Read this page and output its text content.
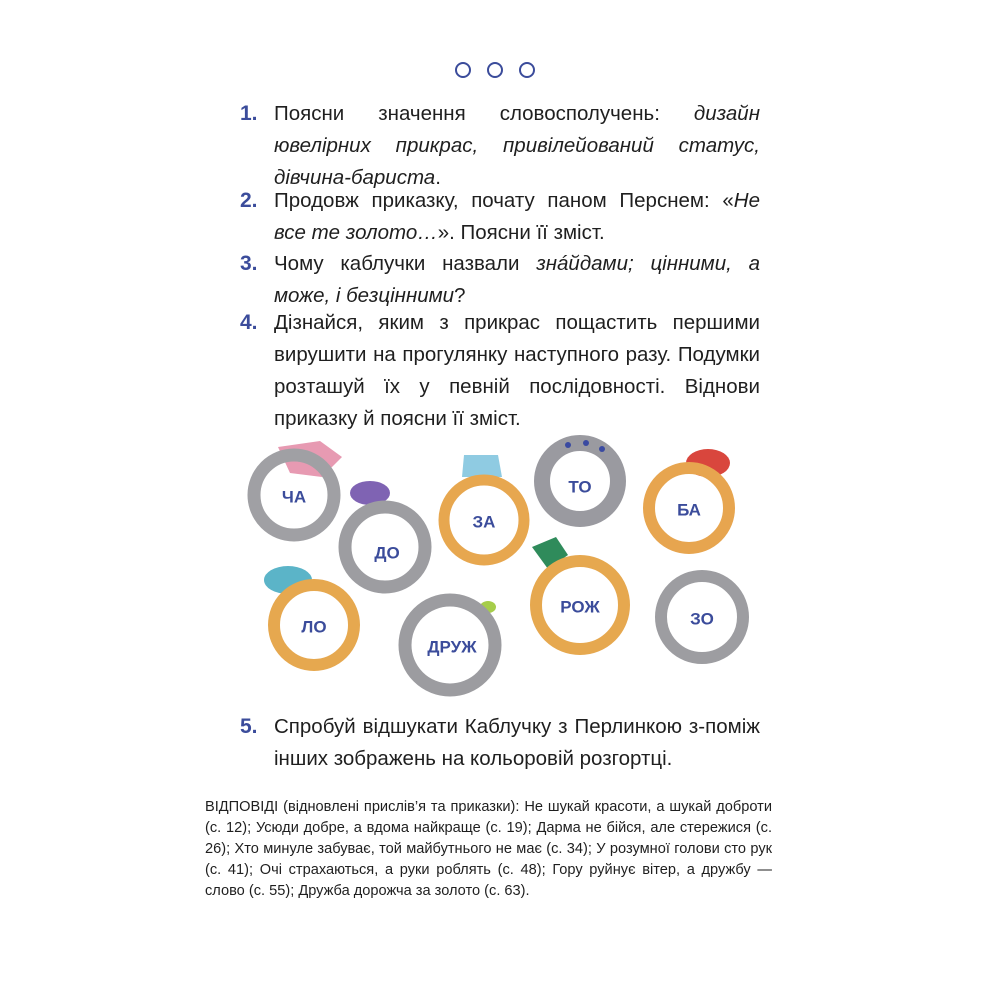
1. Поясни значення словосполучень: дизайн ювелірних прикрас, привілейований статус, дівчина-бариста.
2. Продовж приказку, почату паном Перснем: «Не все те золото…». Поясни її зміст.
3. Чому каблучки назвали знáйдами; цінними, а може, і безцінними?
4. Дізнайся, яким з прикрас пощастить першими вирушити на прогулянку наступного разу. Подумки розташуй їх у певній послідовності. Віднови приказку й поясни її зміст.
ЧА
ДО
ЗА
ТО
БА
ЛО
ДРУЖ
РОЖ
ЗО
5. Спробуй відшукати Каблучку з Перлинкою з-поміж інших зображень на кольоровій розгортці.
ВІДПОВІДІ (відновлені прислів’я та приказки): Не шукай красоти, а шукай доброти (с. 12); Усюди добре, а вдома найкраще (с. 19); Дарма не бійся, але стережися (с. 26); Хто минуле забуває, той майбутнього не має (с. 34); У розумної голови сто рук (с. 41); Очі страхаються, а руки роблять (с. 48); Гору руйнує вітер, а дружбу — слово (с. 55); Дружба дорожча за золото (с. 63).
